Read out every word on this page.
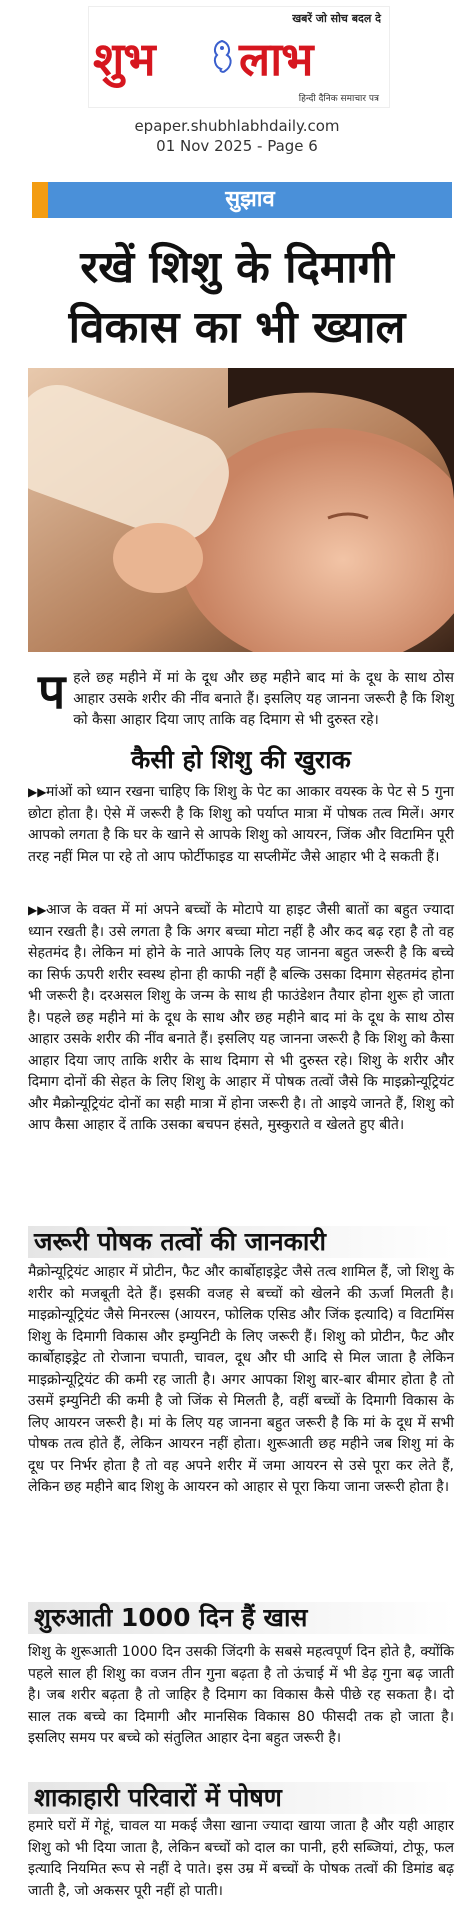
खबरें जो सोच बदल दे
शुभ लाभ
हिन्दी दैनिक समाचार पत्र
epaper.shubhlabhdaily.com
01 Nov 2025 - Page 6
सुझाव
रखें शिशु के दिमागी
विकास का भी ख्याल
प हले छह महीने में मां के दूध और छह महीने बाद मां के दूध के साथ ठोस आहार उसके शरीर की नींव बनाते हैं। इसलिए यह जानना जरूरी है कि शिशु को कैसा आहार दिया जाए ताकि वह दिमाग से भी दुरुस्त रहे।
कैसी हो शिशु की खुराक
▶▶मांओं को ध्यान रखना चाहिए कि शिशु के पेट का आकार वयस्क के पेट से 5 गुना छोटा होता है। ऐसे में जरूरी है कि शिशु को पर्याप्त मात्रा में पोषक तत्व मिलें। अगर आपको लगता है कि घर के खाने से आपके शिशु को आयरन, जिंक और विटामिन पूरी तरह नहीं मिल पा रहे तो आप फोर्टीफाइड या सप्लीमेंट जैसे आहार भी दे सकती हैं।
▶▶आज के वक्त में मां अपने बच्चों के मोटापे या हाइट जैसी बातों का बहुत ज्यादा ध्यान रखती है। उसे लगता है कि अगर बच्चा मोटा नहीं है और कद बढ़ रहा है तो वह सेहतमंद है। लेकिन मां होने के नाते आपके लिए यह जानना बहुत जरूरी है कि बच्चे का सिर्फ ऊपरी शरीर स्वस्थ होना ही काफी नहीं है बल्कि उसका दिमाग सेहतमंद होना भी जरूरी है। दरअसल शिशु के जन्म के साथ ही फाउंडेशन तैयार होना शुरू हो जाता है। पहले छह महीने मां के दूध के साथ और छह महीने बाद मां के दूध के साथ ठोस आहार उसके शरीर की नींव बनाते हैं। इसलिए यह जानना जरूरी है कि शिशु को कैसा आहार दिया जाए ताकि शरीर के साथ दिमाग से भी दुरुस्त रहे। शिशु के शरीर और दिमाग दोनों की सेहत के लिए शिशु के आहार में पोषक तत्वों जैसे कि माइक्रोन्यूट्रियंट और मैक्रोन्यूट्रियंट दोनों का सही मात्रा में होना जरूरी है। तो आइये जानते हैं, शिशु को आप कैसा आहार दें ताकि उसका बचपन हंसते, मुस्कुराते व खेलते हुए बीते।
जरूरी पोषक तत्वों की जानकारी
मैक्रोन्यूट्रियंट आहार में प्रोटीन, फैट और कार्बोहाइड्रेट जैसे तत्व शामिल हैं, जो शिशु के शरीर को मजबूती देते हैं। इसकी वजह से बच्चों को खेलने की ऊर्जा मिलती है। माइक्रोन्यूट्रियंट जैसे मिनरल्स (आयरन, फोलिक एसिड और जिंक इत्यादि) व विटामिंस शिशु के दिमागी विकास और इम्युनिटी के लिए जरूरी हैं। शिशु को प्रोटीन, फैट और कार्बोहाइड्रेट तो रोजाना चपाती, चावल, दूध और घी आदि से मिल जाता है लेकिन माइक्रोन्यूट्रियंट की कमी रह जाती है। अगर आपका शिशु बार-बार बीमार होता है तो उसमें इम्युनिटी की कमी है जो जिंक से मिलती है, वहीं बच्चों के दिमागी विकास के लिए आयरन जरूरी है। मां के लिए यह जानना बहुत जरूरी है कि मां के दूध में सभी पोषक तत्व होते हैं, लेकिन आयरन नहीं होता। शुरूआती छह महीने जब शिशु मां के दूध पर निर्भर होता है तो वह अपने शरीर में जमा आयरन से उसे पूरा कर लेते हैं, लेकिन छह महीने बाद शिशु के आयरन को आहार से पूरा किया जाना जरूरी होता है।
शुरुआती 1000 दिन हैं खास
शिशु के शुरूआती 1000 दिन उसकी जिंदगी के सबसे महत्वपूर्ण दिन होते है, क्योंकि पहले साल ही शिशु का वजन तीन गुना बढ़ता है तो ऊंचाई में भी डेढ़ गुना बढ़ जाती है। जब शरीर बढ़ता है तो जाहिर है दिमाग का विकास कैसे पीछे रह सकता है। दो साल तक बच्चे का दिमागी और मानसिक विकास 80 फीसदी तक हो जाता है। इसलिए समय पर बच्चे को संतुलित आहार देना बहुत जरूरी है।
शाकाहारी परिवारों में पोषण
हमारे घरों में गेहूं, चावल या मकई जैसा खाना ज्यादा खाया जाता है और यही आहार शिशु को भी दिया जाता है, लेकिन बच्चों को दाल का पानी, हरी सब्जियां, टोफू, फल इत्यादि नियमित रूप से नहीं दे पाते। इस उम्र में बच्चों के पोषक तत्वों की डिमांड बढ़ जाती है, जो अकसर पूरी नहीं हो पाती।
